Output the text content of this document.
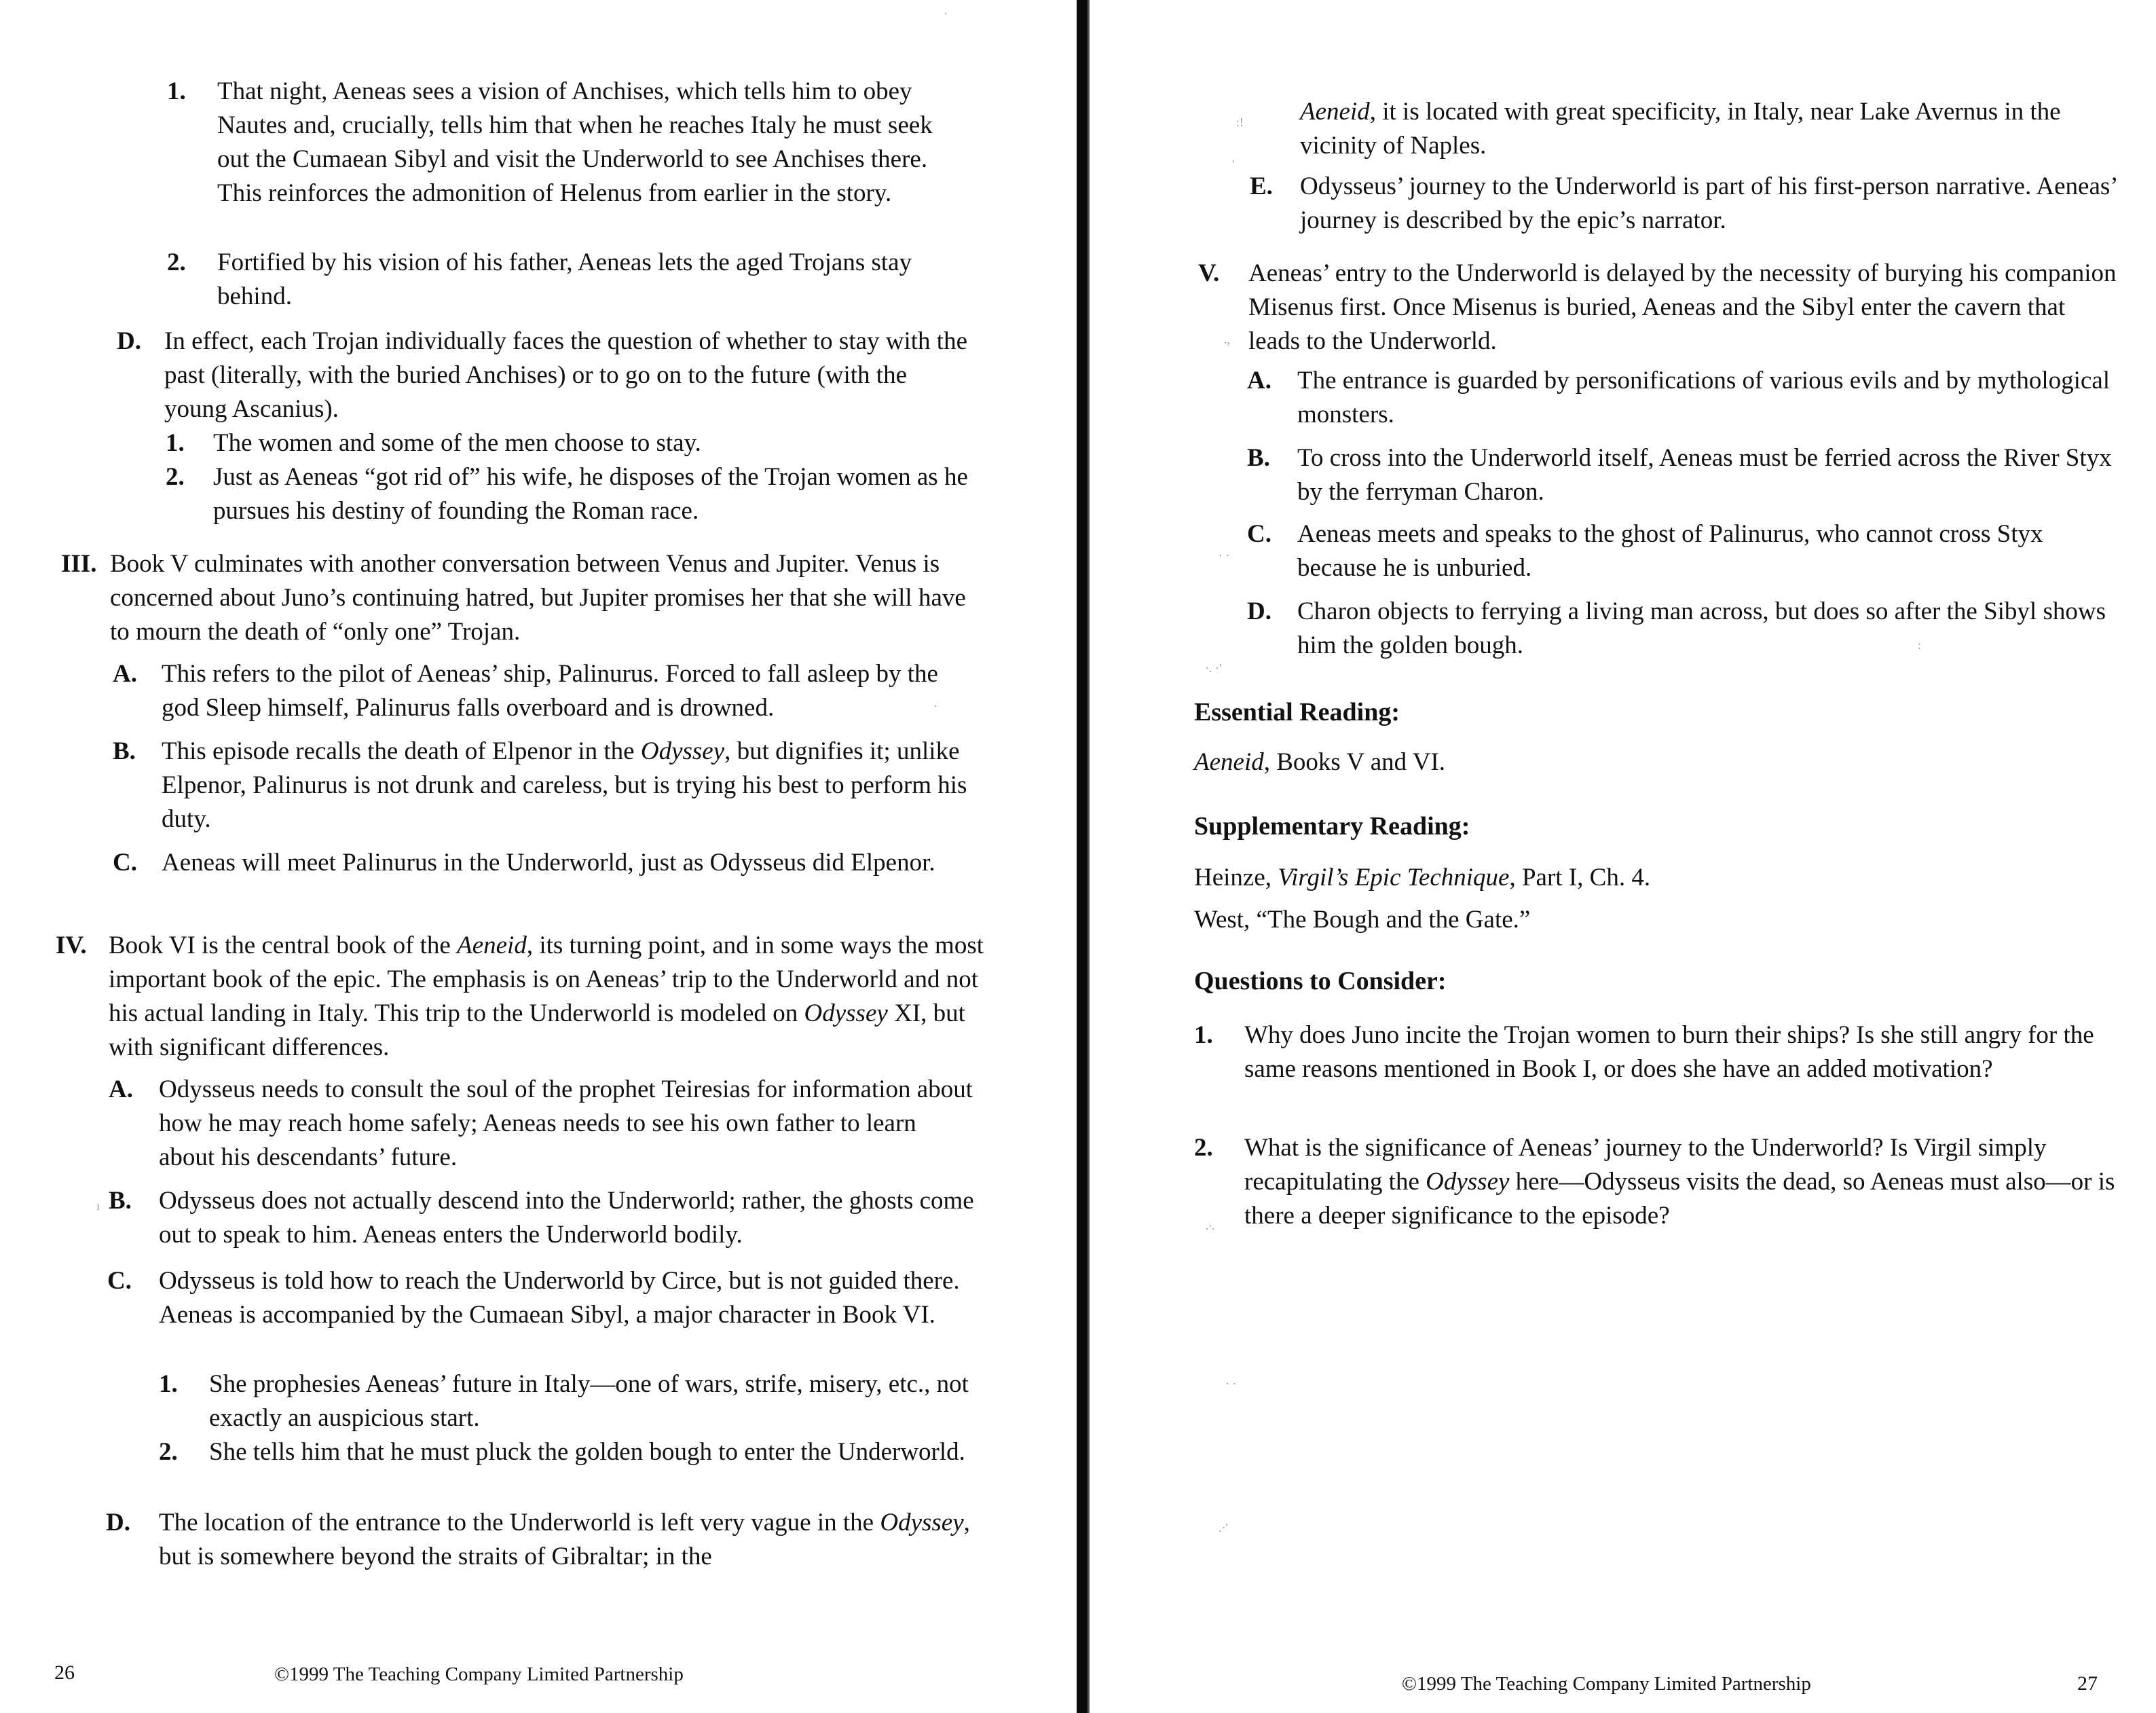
1. That night, Aeneas sees a vision of Anchises, which tells him to obey Nautes and, crucially, tells him that when he reaches Italy he must seek out the Cumaean Sibyl and visit the Underworld to see Anchises there. This reinforces the admonition of Helenus from earlier in the story.
2. Fortified by his vision of his father, Aeneas lets the aged Trojans stay behind.
D. In effect, each Trojan individually faces the question of whether to stay with the past (literally, with the buried Anchises) or to go on to the future (with the young Ascanius).
1. The women and some of the men choose to stay.
2. Just as Aeneas “got rid of” his wife, he disposes of the Trojan women as he pursues his destiny of founding the Roman race.
III. Book V culminates with another conversation between Venus and Jupiter. Venus is concerned about Juno’s continuing hatred, but Jupiter promises her that she will have to mourn the death of “only one” Trojan.
A. This refers to the pilot of Aeneas’ ship, Palinurus. Forced to fall asleep by the god Sleep himself, Palinurus falls overboard and is drowned.
B. This episode recalls the death of Elpenor in the Odyssey, but dignifies it; unlike Elpenor, Palinurus is not drunk and careless, but is trying his best to perform his duty.
C. Aeneas will meet Palinurus in the Underworld, just as Odysseus did Elpenor.
IV. Book VI is the central book of the Aeneid, its turning point, and in some ways the most important book of the epic. The emphasis is on Aeneas’ trip to the Underworld and not his actual landing in Italy. This trip to the Underworld is modeled on Odyssey XI, but with significant differences.
A. Odysseus needs to consult the soul of the prophet Teiresias for information about how he may reach home safely; Aeneas needs to see his own father to learn about his descendants’ future.
B. Odysseus does not actually descend into the Underworld; rather, the ghosts come out to speak to him. Aeneas enters the Underworld bodily.
C. Odysseus is told how to reach the Underworld by Circe, but is not guided there. Aeneas is accompanied by the Cumaean Sibyl, a major character in Book VI.
1. She prophesies Aeneas’ future in Italy—one of wars, strife, misery, etc., not exactly an auspicious start.
2. She tells him that he must pluck the golden bough to enter the Underworld.
D. The location of the entrance to the Underworld is left very vague in the Odyssey, but is somewhere beyond the straits of Gibraltar; in the
26	©1999 The Teaching Company Limited Partnership
·
·
ı
Aeneid, it is located with great specificity, in Italy, near Lake Avernus in the vicinity of Naples.
E. Odysseus’ journey to the Underworld is part of his first-person narrative. Aeneas’ journey is described by the epic’s narrator.
V. Aeneas’ entry to the Underworld is delayed by the necessity of burying his companion Misenus first. Once Misenus is buried, Aeneas and the Sibyl enter the cavern that leads to the Underworld.
A. The entrance is guarded by personifications of various evils and by mythological monsters.
B. To cross into the Underworld itself, Aeneas must be ferried across the River Styx by the ferryman Charon.
C. Aeneas meets and speaks to the ghost of Palinurus, who cannot cross Styx because he is unburied.
D. Charon objects to ferrying a living man across, but does so after the Sibyl shows him the golden bough.
Essential Reading:
Aeneid, Books V and VI.
Supplementary Reading:
Heinze, Virgil’s Epic Technique, Part I, Ch. 4.
West, “The Bough and the Gate.”
Questions to Consider:
1. Why does Juno incite the Trojan women to burn their ships? Is she still angry for the same reasons mentioned in Book I, or does she have an added motivation?
2. What is the significance of Aeneas’ journey to the Underworld? Is Virgil simply recapitulating the Odyssey here—Odysseus visits the dead, so Aeneas must also—or is there a deeper significance to the episode?
©1999 The Teaching Company Limited Partnership	27
:!
'
.,
· ·
·. ·'
:
·'·
· ·
.·'
